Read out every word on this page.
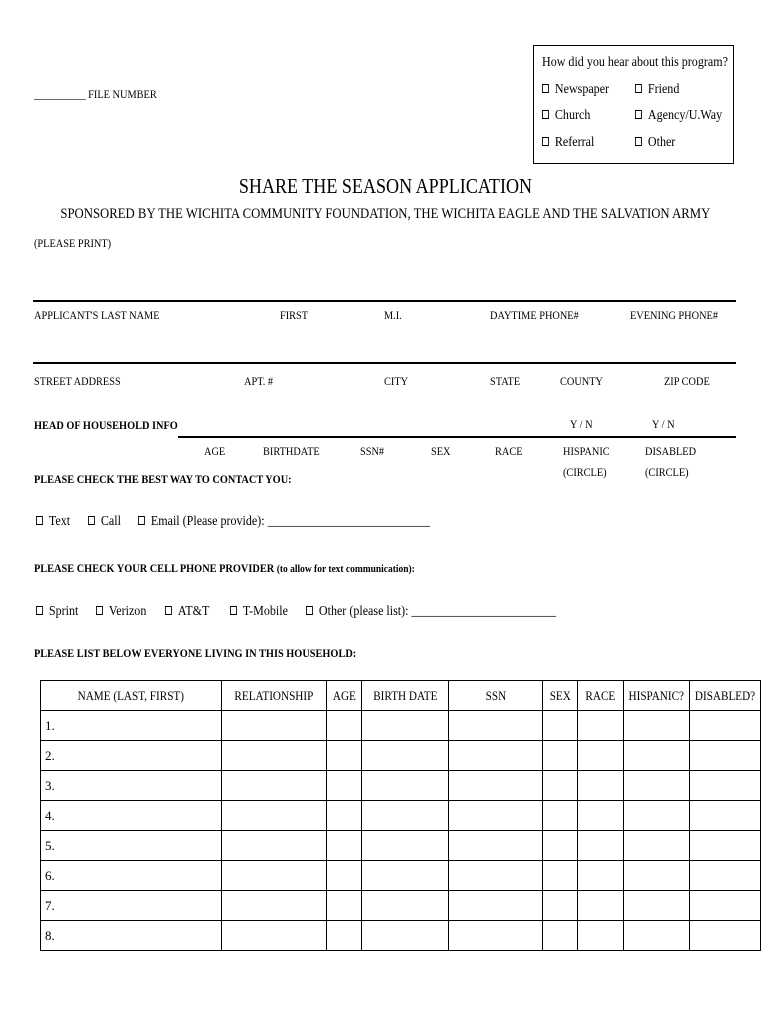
__________ FILE NUMBER
How did you hear about this program?
Newspaper	Friend
Church	Agency/U.Way
Referral	Other
SHARE THE SEASON APPLICATION
SPONSORED BY THE WICHITA COMMUNITY FOUNDATION, THE WICHITA EAGLE AND THE SALVATION ARMY
(PLEASE PRINT)
APPLICANT'S LAST NAME	FIRST	M.I.	DAYTIME PHONE#	EVENING PHONE#
STREET ADDRESS	APT. #	CITY	STATE	COUNTY	ZIP CODE
HEAD OF HOUSEHOLD INFO	Y / N	Y / N
AGE	BIRTHDATE	SSN#	SEX	RACE	HISPANIC	DISABLED
(CIRCLE)	(CIRCLE)
PLEASE CHECK THE BEST WAY TO CONTACT YOU:
Text	Call	Email (Please provide): ___________________________
PLEASE CHECK YOUR CELL PHONE PROVIDER (to allow for text communication):
Sprint	Verizon	AT&T	T-Mobile	Other (please list): ________________________
PLEASE LIST BELOW EVERYONE LIVING IN THIS HOUSEHOLD:
NAME (LAST, FIRST)	RELATIONSHIP	AGE	BIRTH DATE	SSN	SEX	RACE	HISPANIC?	DISABLED?
1.								
2.								
3.								
4.								
5.								
6.								
7.								
8.								
